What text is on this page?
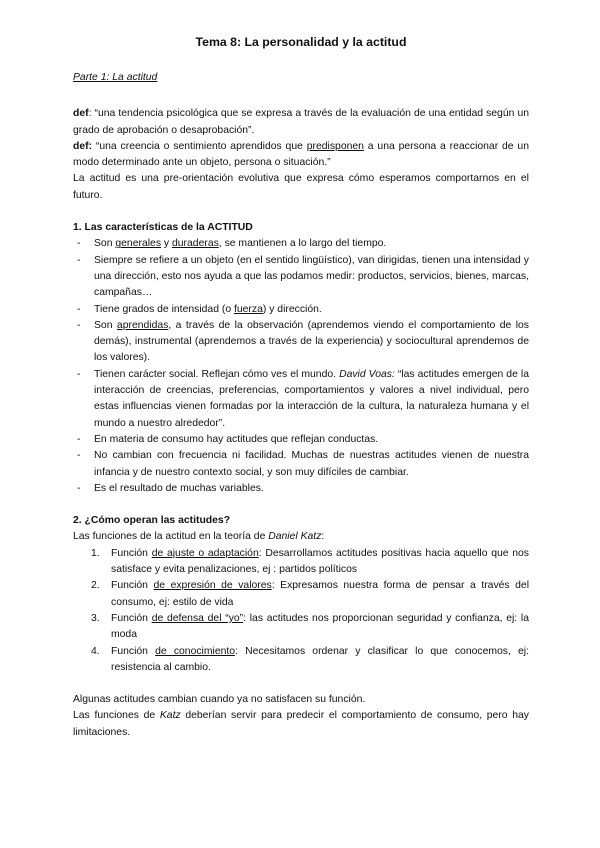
Tema 8: La personalidad y la actitud
Parte 1: La actitud

def: “una tendencia psicológica que se expresa a través de la evaluación de una entidad según un grado de aprobación o desaprobación”.

def: “una creencia o sentimiento aprendidos que predisponen a una persona a reaccionar de un modo determinado ante un objeto, persona o situación.”

La actitud es una pre-orientación evolutiva que expresa cómo esperamos comportarnos en el futuro.

1. Las características de la ACTITUD
- Son generales y duraderas, se mantienen a lo largo del tiempo.
- Siempre se refiere a un objeto (en el sentido lingüístico), van dirigidas, tienen una intensidad y una dirección, esto nos ayuda a que las podamos medir: productos, servicios, bienes, marcas, campañas…
- Tiene grados de intensidad (o fuerza) y dirección.
- Son aprendidas, a través de la observación (aprendemos viendo el comportamiento de los demás), instrumental (aprendemos a través de la experiencia) y sociocultural aprendemos de los valores).
- Tienen carácter social. Reflejan cómo ves el mundo. David Voas: “las actitudes emergen de la interacción de creencias, preferencias, comportamientos y valores a nivel individual, pero estas influencias vienen formadas por la interacción de la cultura, la naturaleza humana y el mundo a nuestro alrededor”.
- En materia de consumo hay actitudes que reflejan conductas.
- No cambian con frecuencia ni facilidad. Muchas de nuestras actitudes vienen de nuestra infancia y de nuestro contexto social, y son muy difíciles de cambiar.
- Es el resultado de muchas variables.
2. ¿Cómo operan las actitudes?

Las funciones de la actitud en la teoría de Daniel Katz:

1. Función de ajuste o adaptación: Desarrollamos actitudes positivas hacia aquello que nos satisface y evita penalizaciones, ej : partidos políticos
2. Función de expresión de valores: Expresamos nuestra forma de pensar a través del consumo, ej: estilo de vida
3. Función de defensa del “yo”: las actitudes nos proporcionan seguridad y confianza, ej: la moda
4. Función de conocimiento: Necesitamos ordenar y clasificar lo que conocemos, ej: resistencia al cambio.

Algunas actitudes cambian cuando ya no satisfacen su función.

Las funciones de Katz deberían servir para predecir el comportamiento de consumo, pero hay limitaciones.
